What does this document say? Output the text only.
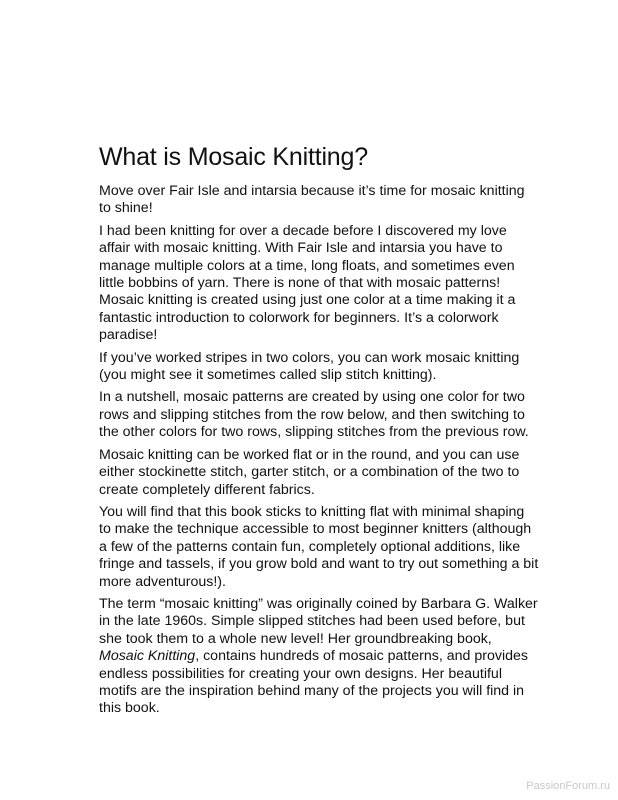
What is Mosaic Knitting?

Move over Fair Isle and intarsia because it’s time for mosaic knitting to shine!

I had been knitting for over a decade before I discovered my love affair with mosaic knitting. With Fair Isle and intarsia you have to manage multiple colors at a time, long floats, and sometimes even little bobbins of yarn. There is none of that with mosaic patterns! Mosaic knitting is created using just one color at a time making it a fantastic introduction to colorwork for beginners. It’s a colorwork paradise!

If you’ve worked stripes in two colors, you can work mosaic knitting (you might see it sometimes called slip stitch knitting).

In a nutshell, mosaic patterns are created by using one color for two rows and slipping stitches from the row below, and then switching to the other colors for two rows, slipping stitches from the previous row.

Mosaic knitting can be worked flat or in the round, and you can use either stockinette stitch, garter stitch, or a combination of the two to create completely different fabrics.

You will find that this book sticks to knitting flat with minimal shaping to make the technique accessible to most beginner knitters (although a few of the patterns contain fun, completely optional additions, like fringe and tassels, if you grow bold and want to try out something a bit more adventurous!).

The term “mosaic knitting” was originally coined by Barbara G. Walker in the late 1960s. Simple slipped stitches had been used before, but she took them to a whole new level! Her groundbreaking book, Mosaic Knitting, contains hundreds of mosaic patterns, and provides endless possibilities for creating your own designs. Her beautiful motifs are the inspiration behind many of the projects you will find in this book.

PassionForum.ru
